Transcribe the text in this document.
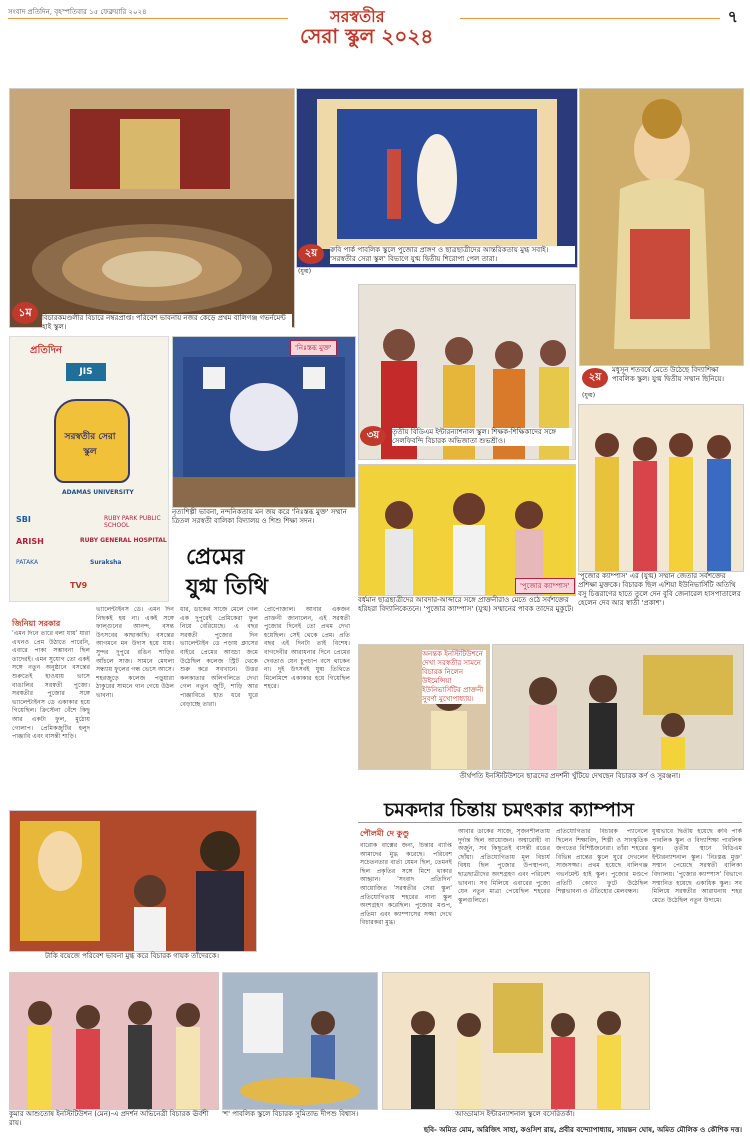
সংবাদ প্রতিদিন, বৃহস্পতিবার ১৫ ফেব্রুয়ারি ২০২৪	সরস্বতীর
সেরা স্কুল ২০২৪
৭
১ম	বিচারকমণ্ডলীর বিচারে নম্বরপ্রাপ্ত। পরিবেশ ভাবনায় নজর কেড়ে প্রথম বালিগঞ্জ গভর্নমেন্ট হাই স্কুল।
২য়
(যুগ্ম)
রুবি পার্ক পাবলিক স্কুলে পুজোর প্রাঙ্গণ ও ছাত্রছাত্রীদের আন্তরিকতায় মুগ্ধ সবাই। 'সরস্বতীর সেরা স্কুল' বিভাগে যুগ্ম দ্বিতীয় শিরোপা পেল তারা।
২য়
(যুগ্ম)
মধুসূন শতবর্ষে মেতে উঠেছে বিদ্যাশিক্ষা পাবলিক স্কুল। যুগ্ম দ্বিতীয় সম্মান ছিনিয়ে।
প্রতিদিন
JIS
সরস্বতীর সেরা স্কুল
ADAMAS UNIVERSITY
SBI	RUBY PARK PUBLIC SCHOOL
ARISH	RUBY GENERAL HOSPITAL
PATAKA	Suraksha
TV9
'নিঃস্তব্ধ মুক্ত'
নৃত্যশিল্পী ভাবনা, নন্দনিকতায় মন জয় করে 'নিঃস্তব্ধ মুক্ত' সম্মান ত্রিতল সরস্বতী বালিকা বিদ্যালয় ও শিশু শিক্ষা সদন।
৩য়	তৃতীয় বিডিএম ইন্টারন্যাশনাল স্কুল। শিক্ষক-শিক্ষিকাদের সঙ্গে সেলফিবন্দি বিচারক অভিজাতা শুভশ্রীও।
'পুজোর ক্যাম্পাস' এর (যুগ্ম) সম্মান জেতার সর্বশক্তের প্রশিক্ষা মুক্তকে। বিচারক ছিল এশিয়া ইউনিভার্সিটি অতিথি বসু চিত্তরাণের হাতে তুলে দেন বুবি জেনারেল হাসপাতালের হেলেন দেব আর স্বাতী 'প্রকাশ'।
'পুজোর ক্যাম্পাস'
বর্ধমান ছাত্রছাত্রীদের আবদার-আব্দারে সঙ্গে প্রাক্তনীরাও মেতে ওঠে সর্বশক্তের হরিহরা বিদ্যানিকেতনে। 'পুজোর ক্যাম্পাস' (যুগ্ম) সম্মানের পাবক তাদের মুকুটে।
প্রেমের
যুগ্ম তিথি
জিনিয়া সরকার
'এমন দিনে তারে বলা যায়' যারা এখনও প্রেম উঠাতে পারেনি, এবারে পাকা সম্ভাবনা ছিল তাদেরই। এমন সুযোগ তো একই সঙ্গে নতুন অনুষ্ঠানে বসন্তের শুরুতেই হাওয়ায় ভাসে বাঙালির সরস্বতী পুজো। সরস্বতীর পুজোর সঙ্গে ভ্যালেন্টাইনস ডে একাকার হয়ে গিয়েছিল। ক্রিস্টেনা বেঁশে কিছু আর একটা ফুল, মুঠোয় গোলাপ। প্রেমিকজুটির হলুদ পাঞ্জাবি এবং বাসন্তী শাড়ি।
ভ্যালেন্টাইনস ডে। এমন দিন নিছকই হয় না। একই সঙ্গে ফাল্গুনের আনন্দ, বসন্ত উৎসবের কাছাকাছি। বসন্তের আগমনে মন উদাস হয়ে যায়। সুন্দর দুপুরে রঙিন শাড়ির আঁচলে সাজ। সামনে মেঘলা সন্ধ্যায় ফুলের গন্ধ ভেসে আসে। শহরজুড়ে কলেজ পড়ুয়ারা ঠাকুরের সামনে গান গেয়ে উঠল ভাবনা।
ধার, ডাকের সাজে মেলে গেল এক দুপুরেই প্রেমিকেরা ফুল নিয়ে বেরিয়েছে। এ বছর সরস্বতী পুজোর দিন ভ্যালেন্টাইন ডে পড়ায় ক্লাসের বাইরে প্রেমের আড্ডা জমে উঠেছিল কলেজ স্ট্রিট থেকে শুরু করে সবখানে। উত্তর কলকাতার অলিগলিতে দেখা গেল নতুন জুটি, শাড়ি আর পাঞ্জাবিতে হাত ধরে ঘুরে বেড়াচ্ছে তারা।
প্রোপোজাল। আবার একজন প্রাক্তনী জানালেন, এই সরস্বতী পুজোর দিনেই তো প্রথম দেখা হয়েছিল। সেই থেকে প্রেম। প্রতি বছর এই দিনটা তাই বিশেষ। বাগদেবীর আরাধনার দিনে প্রেমের দেবতাও যেন চুপচাপ বসে থাকেন না। দুই উৎসবই যুগ্ম তিথিতে মিলেমিশে একাকার হয়ে গিয়েছিল শহরে।
অনন্তক ইনস্টিটিউশনে দেখা সরস্বতীর সামনে বিচারক নিলেন উইমেন্সিয়া ইউনিভার্সিটির প্রাক্তনী সুবর্ণা মুখোপাধ্যায়।
তীর্থপতি ইনস্টিটিউশনে ছাত্রদের প্রদর্শনী খুঁটিয়ে দেখছেন বিচারক কর্ণ ও সুরঞ্জনা।
চমকদার চিন্তায় চমৎকার ক্যাম্পাস
টাকি বয়েজে পরিবেশ ভাবনা মুগ্ধ করে বিচারক গায়ক তাঁদেরকে।
পৌলমী দে কুণ্ডু
বারোক বাক্সের জন্য, চিন্তার ব্যাপ্তি আমাদের মুগ্ধ করেছে। পরিবেশ সচেতনতার বার্তা যেমন ছিল, তেমনই ছিল প্রকৃতির সঙ্গে মিশে থাকার আহ্বান। 'সংবাদ প্রতিদিন' আয়োজিত 'সরস্বতীর সেরা স্কুল' প্রতিযোগিতায় শহরের নানা স্কুল অংশগ্রহণ করেছিল। পুজোর মণ্ডপ, প্রতিমা এবং ক্যাম্পাসের সজ্জা দেখে বিচারকরা মুগ্ধ।
আবার ডাকের সাজে, সৃজনশীলতায় দুর্দান্ত ছিল আয়োজন। অশ্বারোহী বা অর্জুন, সব কিছুতেই বাসন্তী রঙের ছোঁয়া। প্রতিযোগিতায় মূল বিচার্য বিষয় ছিল পুজোর উপস্থাপনা, ছাত্রছাত্রীদের অংশগ্রহণ এবং পরিবেশ ভাবনা। সব মিলিয়ে এবারের পুজো যেন নতুন মাত্রা পেয়েছিল শহরের স্কুলগুলিতে।
প্রতিযোগিতার বিচারক প্যানেলে ছিলেন শিক্ষাবিদ, শিল্পী ও সাংস্কৃতিক জগতের বিশিষ্টজনেরা। তাঁরা শহরের বিভিন্ন প্রান্তের স্কুলে ঘুরে দেখলেন সাজসজ্জা। প্রথম হয়েছে বালিগঞ্জ গভর্নমেন্ট হাই স্কুল। পুজোর মণ্ডপে প্রতিটি কোণে ফুটে উঠেছিল শিল্পভাবনা ও ঐতিহ্যের মেলবন্ধন।
যুগ্মভাবে দ্বিতীয় হয়েছে রুবি পার্ক পাবলিক স্কুল ও বিদ্যাশিক্ষা পাবলিক স্কুল। তৃতীয় স্থানে বিডিএম ইন্টারন্যাশনাল স্কুল। 'নিঃস্তব্ধ মুক্ত' সম্মান পেয়েছে সরস্বতী বালিকা বিদ্যালয়। 'পুজোর ক্যাম্পাস' বিভাগে সম্মানিত হয়েছে একাধিক স্কুল। সব মিলিয়ে সরস্বতীর আরাধনায় শহর মেতে উঠেছিল নতুন উদ্যমে।
কুমার আশুতোষ ইনস্টিটিউশন (মেন)-এ প্রদর্শন অভিনেত্রী বিচারক ঊর্বশী রায়।
'শ' পাবলিক স্কুলে বিচারক সুমিতাভ দীপশু বিশ্বাস।	আড্ডামাস ইন্টারন্যাশনাল স্কুলে বসেরিতর্কা।
ছবি- অমিত মোম, অরিজিৎ সাহা, কওসিশ রায়, প্রবীর বন্দ্যোপাধ্যায়, সায়ন্তন ঘোষ, অমিত মৌলিক ও কৌশিক দত্ত।
